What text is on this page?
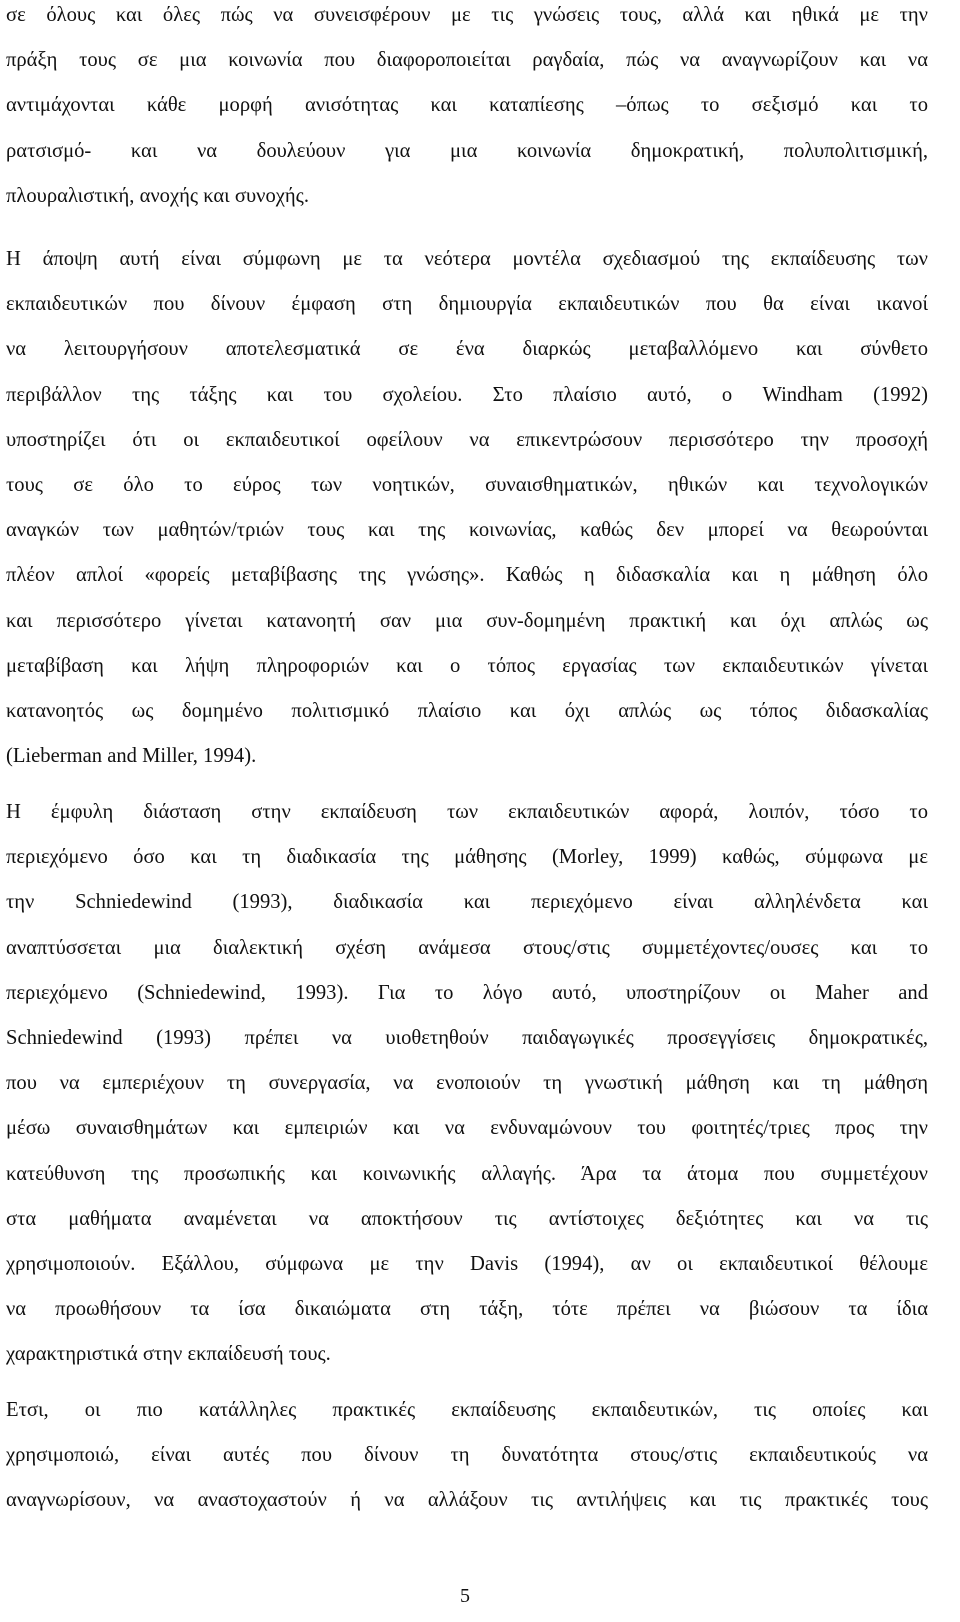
σε όλους και όλες πώς να συνεισφέρουν με τις γνώσεις τους, αλλά και ηθικά με την
πράξη τους σε μια κοινωνία που διαφοροποιείται ραγδαία, πώς να αναγνωρίζουν και να
αντιμάχονται κάθε μορφή ανισότητας και καταπίεσης –όπως το σεξισμό και το
ρατσισμό- και να δουλεύουν για μια κοινωνία δημοκρατική, πολυπολιτισμική,
πλουραλιστική, ανοχής και συνοχής.

Η άποψη αυτή είναι σύμφωνη με τα νεότερα μοντέλα σχεδιασμού της εκπαίδευσης των
εκπαιδευτικών που δίνουν έμφαση στη δημιουργία εκπαιδευτικών που θα είναι ικανοί
να λειτουργήσουν αποτελεσματικά σε ένα διαρκώς μεταβαλλόμενο και σύνθετο
περιβάλλον της τάξης και του σχολείου. Στο πλαίσιο αυτό, ο Windham (1992)
υποστηρίζει ότι οι εκπαιδευτικοί οφείλουν να επικεντρώσουν περισσότερο την προσοχή
τους σε όλο το εύρος των νοητικών, συναισθηματικών, ηθικών και τεχνολογικών
αναγκών των μαθητών/τριών τους και της κοινωνίας, καθώς δεν μπορεί να θεωρούνται
πλέον απλοί «φορείς μεταβίβασης της γνώσης». Καθώς η διδασκαλία και η μάθηση όλο
και περισσότερο γίνεται κατανοητή σαν μια συν-δομημένη πρακτική και όχι απλώς ως
μεταβίβαση και λήψη πληροφοριών και ο τόπος εργασίας των εκπαιδευτικών γίνεται
κατανοητός ως δομημένο πολιτισμικό πλαίσιο και όχι απλώς ως τόπος διδασκαλίας
(Lieberman and Miller, 1994).

Η έμφυλη διάσταση στην εκπαίδευση των εκπαιδευτικών αφορά, λοιπόν, τόσο το
περιεχόμενο όσο και τη διαδικασία της μάθησης (Morley, 1999) καθώς, σύμφωνα με
την Schniedewind (1993), διαδικασία και περιεχόμενο είναι αλληλένδετα και
αναπτύσσεται μια διαλεκτική σχέση ανάμεσα στους/στις συμμετέχοντες/ουσες και το
περιεχόμενο (Schniedewind, 1993). Για το λόγο αυτό, υποστηρίζουν οι Maher and
Schniedewind (1993) πρέπει να υιοθετηθούν παιδαγωγικές προσεγγίσεις δημοκρατικές,
που να εμπεριέχουν τη συνεργασία, να ενοποιούν τη γνωστική μάθηση και τη μάθηση
μέσω συναισθημάτων και εμπειριών και να ενδυναμώνουν του φοιτητές/τριες προς την
κατεύθυνση της προσωπικής και κοινωνικής αλλαγής. Άρα τα άτομα που συμμετέχουν
στα μαθήματα αναμένεται να αποκτήσουν τις αντίστοιχες δεξιότητες και να τις
χρησιμοποιούν. Εξάλλου, σύμφωνα με την Davis (1994), αν οι εκπαιδευτικοί θέλουμε
να προωθήσουν τα ίσα δικαιώματα στη τάξη, τότε πρέπει να βιώσουν τα ίδια
χαρακτηριστικά στην εκπαίδευσή τους.

Ετσι, οι πιο κατάλληλες πρακτικές εκπαίδευσης εκπαιδευτικών, τις οποίες και
χρησιμοποιώ, είναι αυτές που δίνουν τη δυνατότητα στους/στις εκπαιδευτικούς να
αναγνωρίσουν, να αναστοχαστούν ή να αλλάξουν τις αντιλήψεις και τις πρακτικές τους

5
